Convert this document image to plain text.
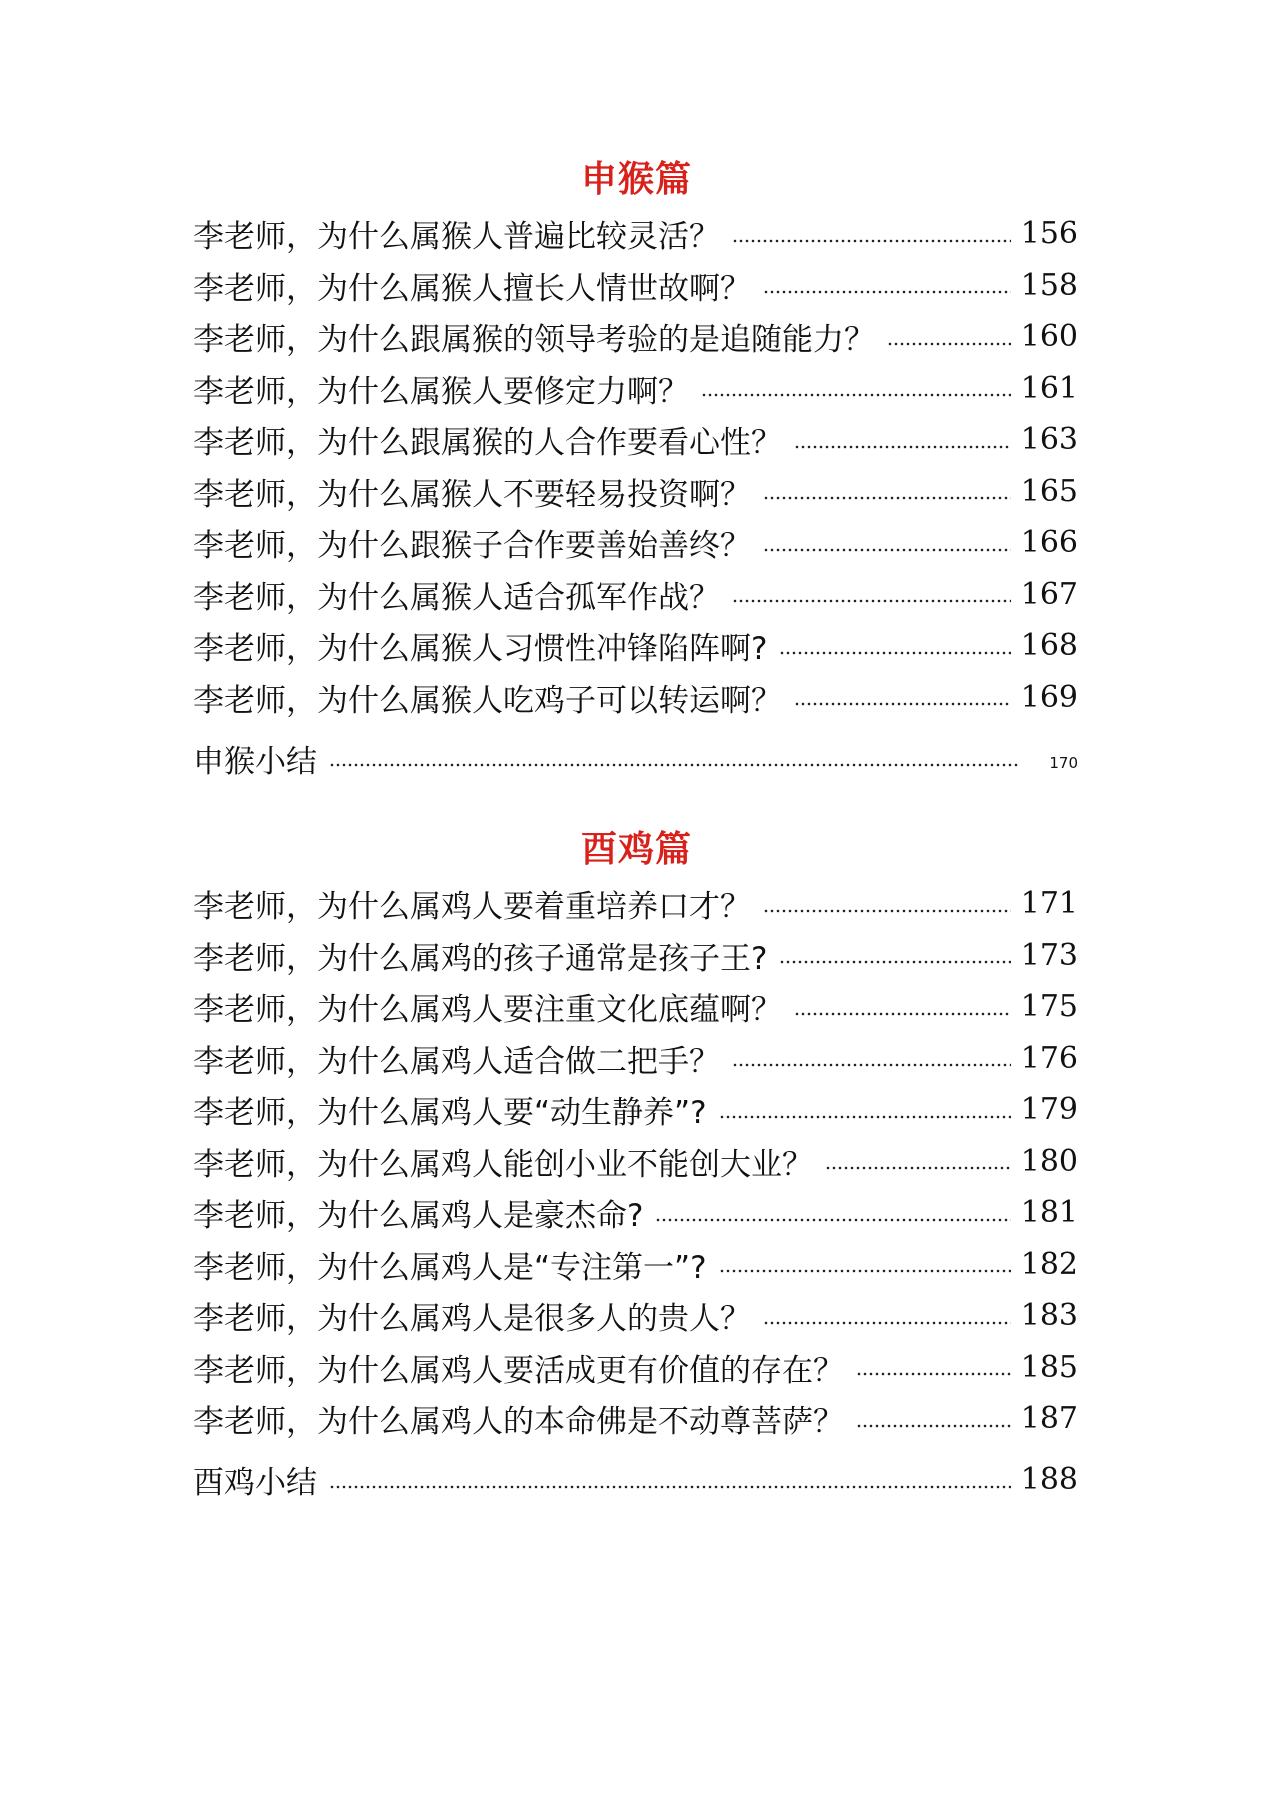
申猴篇
李老师，为什么属猴人普遍比较灵活？	156
李老师，为什么属猴人擅长人情世故啊？	158
李老师，为什么跟属猴的领导考验的是追随能力？	160
李老师，为什么属猴人要修定力啊？	161
李老师，为什么跟属猴的人合作要看心性？	163
李老师，为什么属猴人不要轻易投资啊？	165
李老师，为什么跟猴子合作要善始善终？	166
李老师，为什么属猴人适合孤军作战？	167
李老师，为什么属猴人习惯性冲锋陷阵啊?	168
李老师，为什么属猴人吃鸡子可以转运啊？	169
申猴小结	170
酉鸡篇
李老师，为什么属鸡人要着重培养口才？	171
李老师，为什么属鸡的孩子通常是孩子王?	173
李老师，为什么属鸡人要注重文化底蕴啊？	175
李老师，为什么属鸡人适合做二把手？	176
李老师，为什么属鸡人要“动生静养”?	179
李老师，为什么属鸡人能创小业不能创大业？	180
李老师，为什么属鸡人是豪杰命?	181
李老师，为什么属鸡人是“专注第一”?	182
李老师，为什么属鸡人是很多人的贵人？	183
李老师，为什么属鸡人要活成更有价值的存在？	185
李老师，为什么属鸡人的本命佛是不动尊菩萨？	187
酉鸡小结	188
